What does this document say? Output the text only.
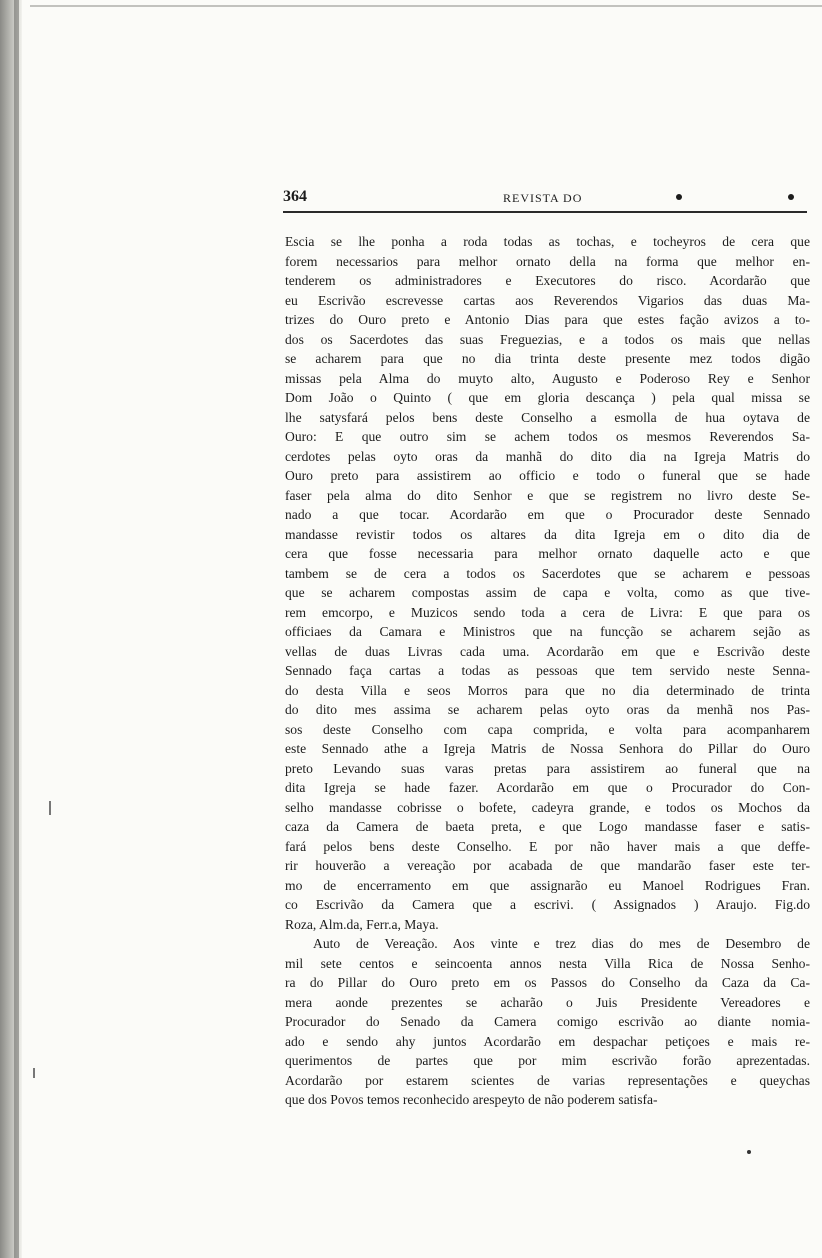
364	REVISTA DO
Escia se lhe ponha a roda todas as tochas, e tocheyros de cera que
forem necessarios para melhor ornato della na forma que melhor en-
tenderem os administradores e Executores do risco. Acordarão que
eu Escrivão escrevesse cartas aos Reverendos Vigarios das duas Ma-
trizes do Ouro preto e Antonio Dias para que estes fação avizos a to-
dos os Sacerdotes das suas Freguezias, e a todos os mais que nellas
se acharem para que no dia trinta deste presente mez todos digão
missas pela Alma do muyto alto, Augusto e Poderoso Rey e Senhor
Dom João o Quinto ( que em gloria descança ) pela qual missa se
lhe satysfará pelos bens deste Conselho a esmolla de hua oytava de
Ouro: E que outro sim se achem todos os mesmos Reverendos Sa-
cerdotes pelas oyto oras da manhã do dito dia na Igreja Matris do
Ouro preto para assistirem ao officio e todo o funeral que se hade
faser pela alma do dito Senhor e que se registrem no livro deste Se-
nado a que tocar. Acordarão em que o Procurador deste Sennado
mandasse revistir todos os altares da dita Igreja em o dito dia de
cera que fosse necessaria para melhor ornato daquelle acto e que
tambem se de cera a todos os Sacerdotes que se acharem e pessoas
que se acharem compostas assim de capa e volta, como as que tive-
rem emcorpo, e Muzicos sendo toda a cera de Livra: E que para os
officiaes da Camara e Ministros que na funcção se acharem sejão as
vellas de duas Livras cada uma. Acordarão em que e Escrivão deste
Sennado faça cartas a todas as pessoas que tem servido neste Senna-
do desta Villa e seos Morros para que no dia determinado de trinta
do dito mes assima se acharem pelas oyto oras da menhã nos Pas-
sos deste Conselho com capa comprida, e volta para acompanharem
este Sennado athe a Igreja Matris de Nossa Senhora do Pillar do Ouro
preto Levando suas varas pretas para assistirem ao funeral que na
dita Igreja se hade fazer. Acordarão em que o Procurador do Con-
selho mandasse cobrisse o bofete, cadeyra grande, e todos os Mochos da
caza da Camera de baeta preta, e que Logo mandasse faser e satis-
fará pelos bens deste Conselho. E por não haver mais a que deffe-
rir houverão a vereação por acabada de que mandarão faser este ter-
mo de encerramento em que assignarão eu Manoel Rodrigues Fran.
co Escrivão da Camera que a escrivi. ( Assignados ) Araujo. Fig.do
Roza, Alm.da, Ferr.a, Maya.
Auto de Vereação. Aos vinte e trez dias do mes de Desembro de
mil sete centos e seincoenta annos nesta Villa Rica de Nossa Senho-
ra do Pillar do Ouro preto em os Passos do Conselho da Caza da Ca-
mera aonde prezentes se acharão o Juis Presidente Vereadores e
Procurador do Senado da Camera comigo escrivão ao diante nomia-
ado e sendo ahy juntos Acordarão em despachar petiçoes e mais re-
querimentos de partes que por mim escrivão forão aprezentadas.
Acordarão por estarem scientes de varias representações e queychas
que dos Povos temos reconhecido arespeyto de não poderem satisfa-
